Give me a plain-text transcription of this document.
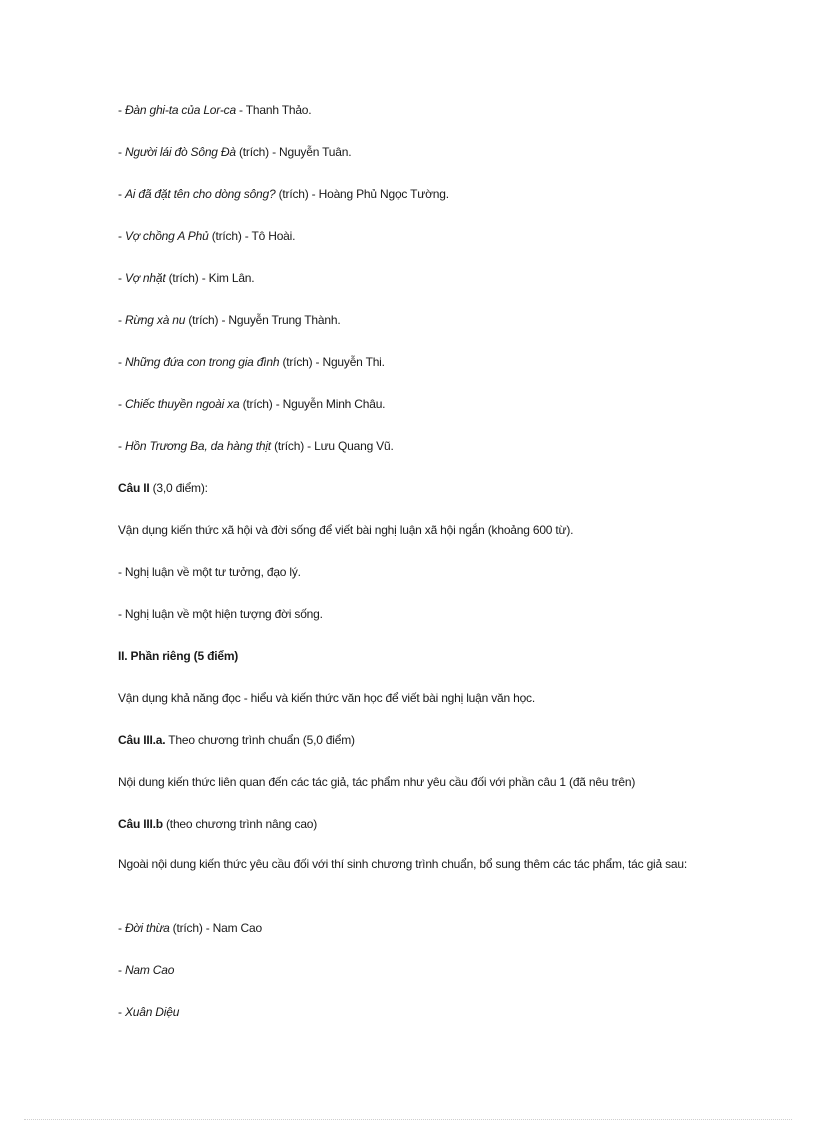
- Đàn ghi-ta của Lor-ca - Thanh Thảo.
- Người lái đò Sông Đà (trích) - Nguyễn Tuân.
- Ai đã đặt tên cho dòng sông? (trích) - Hoàng Phủ Ngọc Tường.
- Vợ chồng A Phủ (trích) - Tô Hoài.
- Vợ nhặt (trích) - Kim Lân.
- Rừng xà nu (trích) - Nguyễn Trung Thành.
- Những đứa con trong gia đình (trích) - Nguyễn Thi.
- Chiếc thuyền ngoài xa (trích) - Nguyễn Minh Châu.
- Hồn Trương Ba, da hàng thịt (trích) - Lưu Quang Vũ.
Câu II (3,0 điểm):
Vận dụng kiến thức xã hội và đời sống để viết bài nghị luận xã hội ngắn (khoảng 600 từ).
- Nghị luận về một tư tưởng, đạo lý.
- Nghị luận về một hiện tượng đời sống.
II. Phần riêng (5 điểm)
Vận dụng khả năng đọc - hiểu và kiến thức văn học để viết bài nghị luận văn học.
Câu III.a. Theo chương trình chuẩn (5,0 điểm)
Nội dung kiến thức liên quan đến các tác giả, tác phẩm như yêu cầu đối với phần câu 1 (đã nêu trên)
Câu III.b (theo chương trình nâng cao)
Ngoài nội dung kiến thức yêu cầu đối với thí sinh chương trình chuẩn, bổ sung thêm các tác phẩm, tác giả sau:
- Đời thừa (trích) - Nam Cao
- Nam Cao
- Xuân Diệu
